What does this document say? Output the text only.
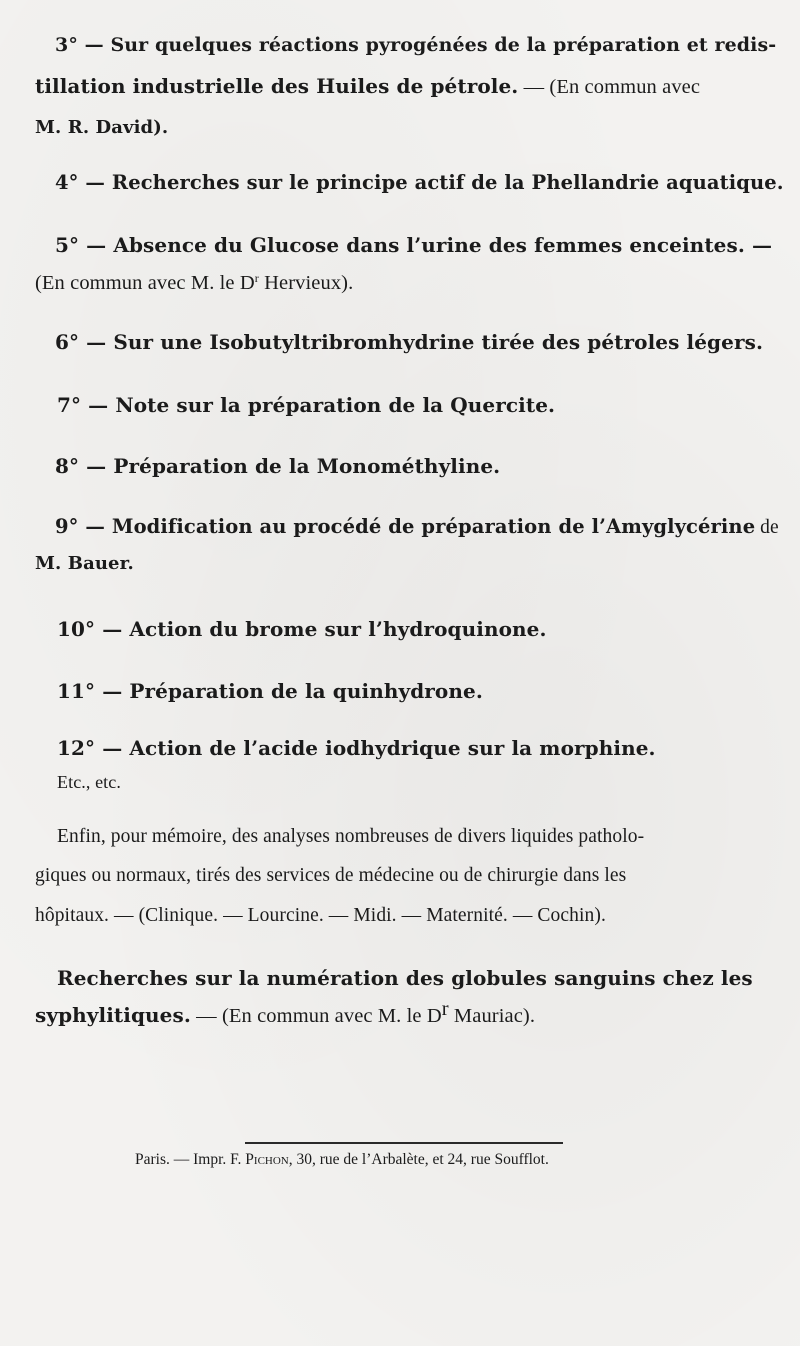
3° — Sur quelques réactions pyrogénées de la préparation et redis-
tillation industrielle des Huiles de pétrole. — (En commun avec
M. R. David).
4° — Recherches sur le principe actif de la Phellandrie aquatique.
5° — Absence du Glucose dans l’urine des femmes enceintes. —
(En commun avec M. le $D^r$ Hervieux).
6° — Sur une Isobutyltribromhydrine tirée des pétroles légers.
7° — Note sur la préparation de la Quercite.
8° — Préparation de la Monométhyline.
9° — Modification au procédé de préparation de l’Amyglycérine de
M. Bauer.
10° — Action du brome sur l’hydroquinone.
11° — Préparation de la quinhydrone.
12° — Action de l’acide iodhydrique sur la morphine.
Etc., etc.
Enfin, pour mémoire, des analyses nombreuses de divers liquides patholo-
giques ou normaux, tirés des services de médecine ou de chirurgie dans les
hôpitaux. — (Clinique. — Lourcine. — Midi. — Maternité. — Cochin).
Recherches sur la numération des globules sanguins chez les
syphylitiques. — (En commun avec M. le $D^r$ Mauriac).
Paris. — Impr. F. Pichon, 30, rue de l’Arbalète, et 24, rue Soufflot.
